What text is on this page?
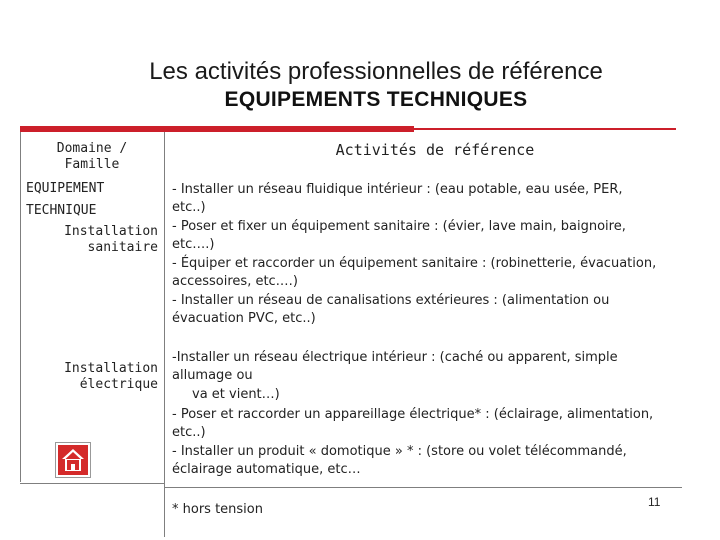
Les activités professionnelles de référence
EQUIPEMENTS TECHNIQUES
Domaine /
Famille
Activités de référence
EQUIPEMENT
TECHNIQUE
Installation
sanitaire
- Installer un réseau fluidique intérieur : (eau potable, eau usée, PER,
etc..)
- Poser et fixer un équipement sanitaire : (évier, lave main, baignoire,
etc….)
- Équiper et raccorder un équipement sanitaire : (robinetterie, évacuation,
accessoires, etc.…)
- Installer un réseau de canalisations extérieures : (alimentation ou
évacuation PVC, etc..)
Installation
électrique
-Installer un réseau électrique intérieur : (caché ou apparent, simple
allumage ou
va et vient…)
- Poser et raccorder un appareillage électrique* : (éclairage, alimentation,
etc..)
- Installer un produit « domotique » * : (store ou volet télécommandé,
éclairage automatique, etc…
* hors tension	11
